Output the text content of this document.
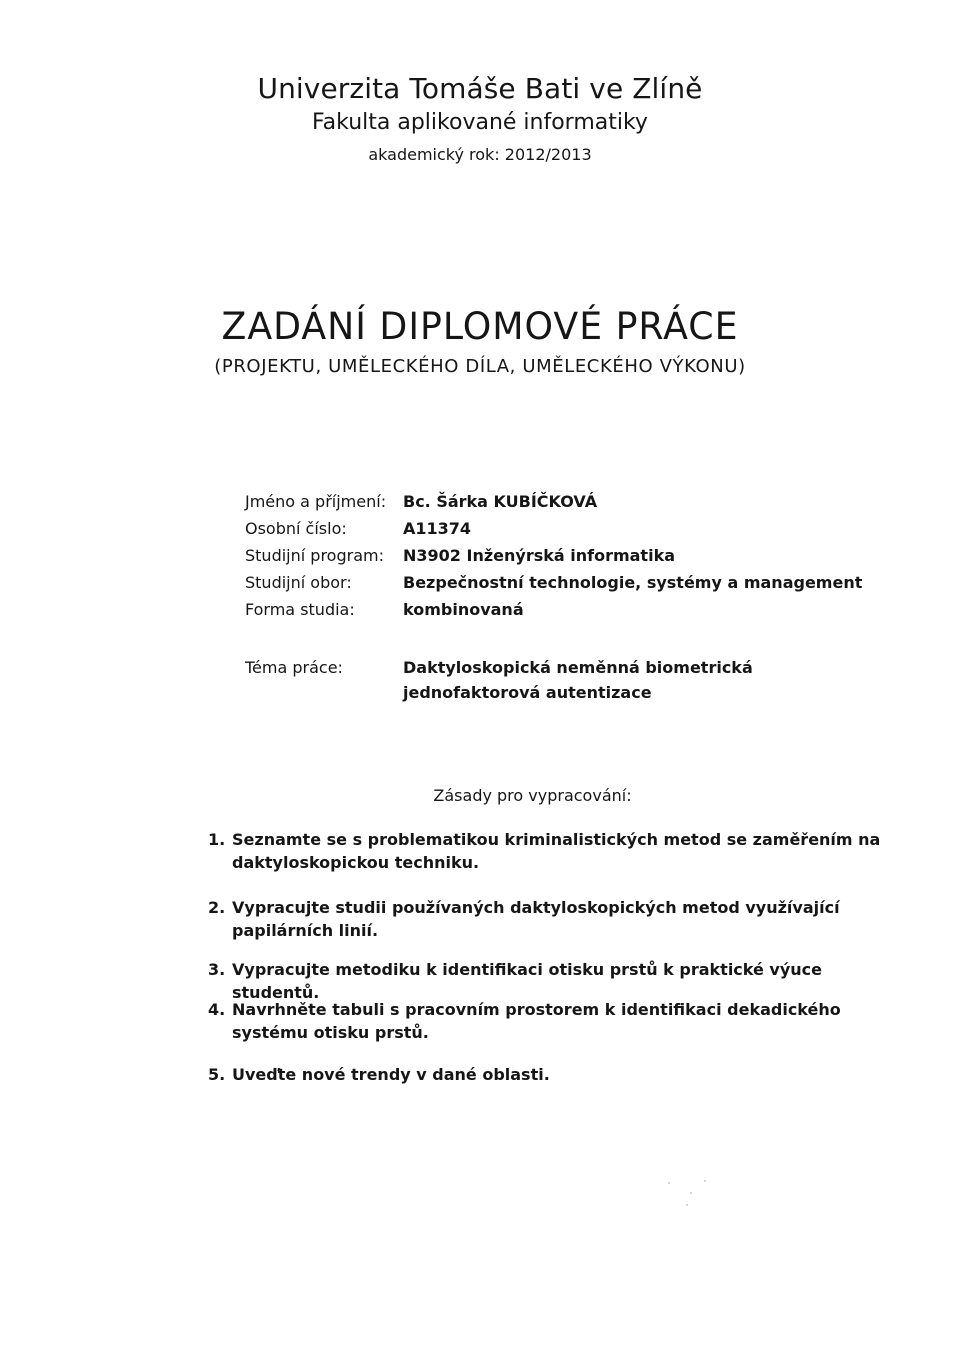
Univerzita Tomáše Bati ve Zlíně
Fakulta aplikované informatiky
akademický rok: 2012/2013
ZADÁNÍ DIPLOMOVÉ PRÁCE
(PROJEKTU, UMĚLECKÉHO DÍLA, UMĚLECKÉHO VÝKONU)
Jméno a příjmení: Bc. Šárka KUBÍČKOVÁ
Osobní číslo:	A11374
Studijní program: N3902 Inženýrská informatika
Studijní obor:	Bezpečnostní technologie, systémy a management
Forma studia:	kombinovaná
Téma práce:	Daktyloskopická neměnná biometrická
jednofaktorová autentizace
Zásady pro vypracování:
1. Seznamte se s problematikou kriminalistických metod se zaměřením na daktyloskopickou techniku.
2. Vypracujte studii používaných daktyloskopických metod využívající papilárních linií.
3. Vypracujte metodiku k identifikaci otisku prstů k praktické výuce studentů.
4. Navrhněte tabuli s pracovním prostorem k identifikaci dekadického systému otisku prstů.
5. Uveďte nové trendy v dané oblasti.
